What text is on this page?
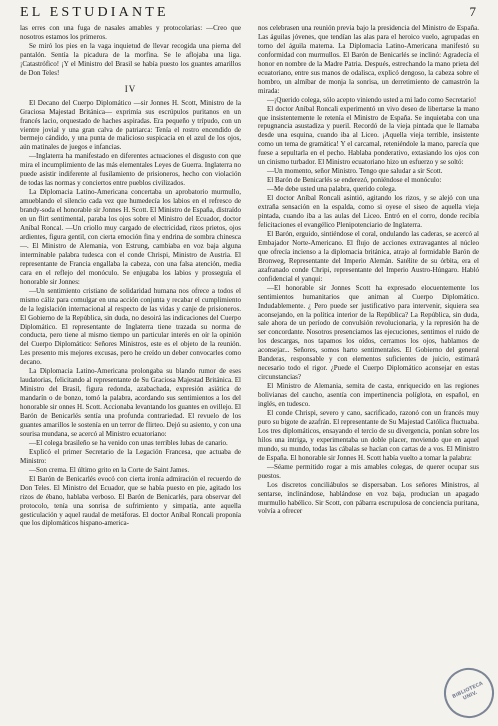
EL ESTUDIANTE	7

las erres con una fuga de nasales amables y protocolarias: —Creo que nosotros estamos los primeros.

Se miró los pies en la vaga inquietud de llevar recogida una pierna del pantalón. Sentía la picadura de la morfina. Se le aflojaba una liga. ¡Catastrófico! ¡Y el Ministro del Brasil se había puesto los guantes amarillos de Don Teles!

IV

El Decano del Cuerpo Diplomático —sir Jonnes H. Scott, Ministro de la Graciosa Majestad Británica— exprimía sus escrúpulos puritanos en un francés lacio, orquestado de haches aspiradas. Era pequeño y trípudo, con un vientre jovial y una gran calva de patriarca: Tenía el rostro encendido de bermejo cándido, y una punta de malicioso suspicacia en el azul de los ojos, aún matinales de juegos e infancias.

—Inglaterra ha manifestado en diferentes actuaciones el disgusto con que mira el incumplimiento de las más elementales Leyes de Guerra. Inglaterra no puede asistir indiferente al fusilamiento de prisioneros, hecho con violación de todas las normas y conciertos entre pueblos civilizados.

La Diplomacia Latino-Americana concertaba un aprobatorio murmullo, amueblando el silencio cada vez que humedecía los labios en el refresco de brandy-soda el honorable sir Jonnes H. Scott. El Ministro de España, distraído en un flirt sentimental, paraba los ojos sobre el Ministro del Ecuador, doctor Aníbal Roncal. —Un criollo muy cargado de electricidad, rizos prietos, ojos ardientes, figura gentil, con cierta emoción fina y endrina de sombra chinesca—. El Ministro de Alemania, von Estrung, cambiaba en voz baja alguna intermínable palabra tudesca con el conde Chrispi, Ministro de Austria. El representante de Francia engallaba la cabeza, con una falsa atención, media cara en el reflejo del monóculo. Se enjugaba los labios y prosseguía el honorable sir Jonnes:

—Un sentimiento cristiano de solidaridad humana nos ofrece a todos el mismo cáliz para comulgar en una acción conjunta y recabar el cumplimiento de la legislación internacional al respecto de las vidas y canje de prisioneros. El Gobierno de la República, sin duda, no desoirá las indicaciones del Cuerpo Diplomático. El representante de Inglaterra tiene trazada su norma de conducta, pero tiene al mismo tiempo un particular interés en oír la opinión del Cuerpo Diplomático: Señores Ministros, este es el objeto de la reunión. Les presento mis mejores excusas, pero he creído un deber convocarles como decano.

La Diplomacia Latino-Americana prolongaba su blando rumor de eses laudatorias, felicitando al representante de Su Graciosa Majestad Británica. El Ministro del Brasil, figura redonda, azabachada, expresión asiática de mandarín o de bonzo, tomó la palabra, acordando sus sentimientos a los del honorable sir onnes H. Scott. Accionaba levantando los guantes en ovillejo. El Barón de Benicarlés sentía una profunda contrariedad. El revuelo de los guantes amarillos le sostenía en un terror de flirteo. Dejó su asiento, y con una sourisa mundana, se acercó al Ministro ecuatoriano:

—El colega brasileño se ha venido con unas terribles lubas de canario.

Explicó el primer Secretario de la Legación Francesa, que actuaba de Ministro:

—Son crema. El último grito en la Corte de Saint James.

El Barón de Benicarlés evocó con cierta ironía admiración el recuerdo de Don Teles. El Ministro del Ecuador, que se había puesto en pie, agitado los rizos de ébano, hablaba verboso. El Barón de Benicarlés, para observar del protocolo, tenía una sonrisa de sufrimiento y simpatía, ante aquella gesticulación y aquel raudal de metáforas. El doctor Aníbal Roncali proponía que los diplomáticos hispano-america-

nos celebrasen una reunión previa bajo la presidencia del Ministro de España. Las águilas jóvenes, que tendían las alas para el heroico vuelo, agrupadas en torno del águila materna. La Diplomacia Latino-Americana manifestó su conformidad con murmullos. El Barón de Benicarlés se inclinó: Agradecía el honor en nombre de la Madre Patria. Después, estrechando la mano prieta del ecuatoriano, entre sus manos de odalisca, explicó dengoso, la cabeza sobre el hombro, un almíbar de monja la sonrisa, un derretimiento de camastrón la mirada:

—¡Querido colega, sólo acepto viniendo usted a mi lado como Secretario!

El doctor Aníbal Roncali experimentó un vivo deseo de libertarse la mano que insistentemente le retenía el Ministro de España. Se inquietaba con una repugnancia asustadiza y pueril. Recordó de la vieja pintada que le llamaba desde una esquina, cuando iba al Liceo. ¡Aquella vieja terrible, insistente como un tema de gramática! Y el carcamal, reteniéndole la mano, parecía que fuese a sepultarla en el pecho. Hablaba ponderativo, extasiando los ojos con un cinismo turbador. El Ministro ecuatoriano hizo un esfuerzo y se soltó:

—Un momento, señor Ministro. Tengo que saludar a sir Scott.

El Barón de Benicarlés se enderezó, poniéndose el monóculo:

—Me debe usted una palabra, querido colega.

El doctor Aníbal Roncali asintió, agitando los rizos, y se alejó con una extraña sensación en la espalda, como si oyese el siseo de aquella vieja pintada, cuando iba a las aulas del Liceo. Entró en el corro, donde recibía felicitaciones el evangélico Plenipotenciario de Inglaterra.

El Barón, erguido, sintiéndose el coral, ondulando las caderas, se acercó al Embajador Norte-Americano. El flujo de acciones extravagantes al núcleo que ofrecía incienso a la diplomacia británica, atrajo al formidable Barón de Bronweg, Representante del Imperio Alemán. Satélite de su órbita, era el azafranado conde Chripi, representante del Imperio Austro-Húngaro. Habló confidencial el yanqui:

—El honorable sir Jonnes Scott ha expresado elocuentemente los sentimientos humanitarios que animan al Cuerpo Diplomático. Indudablemente. ¿ Pero puede ser justificativo para intervenir, siquiera sea aconsejando, en la política interior de la República? La República, sin duda, sale ahora de un período de convulsión revolucionaria, y la represión ha de ser concordante. Nosotros presenciamos las ejecuciones, sentimos el ruido de los descargas, nos tapamos los oídos, cerramos los ojos, hablamos de aconsejar... Señores, somos harto sentimentales. El Gobierno del general Banderas, responsable y con elementos suficientes de juicio, estimará necesario todo el rigor. ¿Puede el Cuerpo Diplomático aconsejar en estas circunstancias?

El Ministro de Alemania, semita de casta, enriquecido en las regiones bolivianas del caucho, asentía con impertinencia políglota, en español, en inglés, en tudesco.

El conde Chrispi, severo y cano, sacrificado, razonó con un francés muy puro su bigote de azafrán. El representante de Su Majestad Católica fluctuaba. Los tres diplomáticos, ensayando el tercio de su divergencia, ponían sobre los hilos una intriga, y experimentaba un doble placer, moviendo que en aquel mundo, su mundo, todas las cábalas se hacían con cartas de a vos. El Ministro de España. El honorable sir Jonnes H. Scott había vuelto a tomar la palabra:

—Séame permitido rogar a mis amables colegas, de querer ocupar sus puestos.

Los discretos conciliábulos se dispersaban. Los señores Ministros, al sentarse, inclinándose, hablándose en voz baja, producían un apagado murmullo habélico. Sir Scott, con pábarra escrupulosa de conciencia puritana, volvía a ofrecer

BIBLIOTECA UNIV.
